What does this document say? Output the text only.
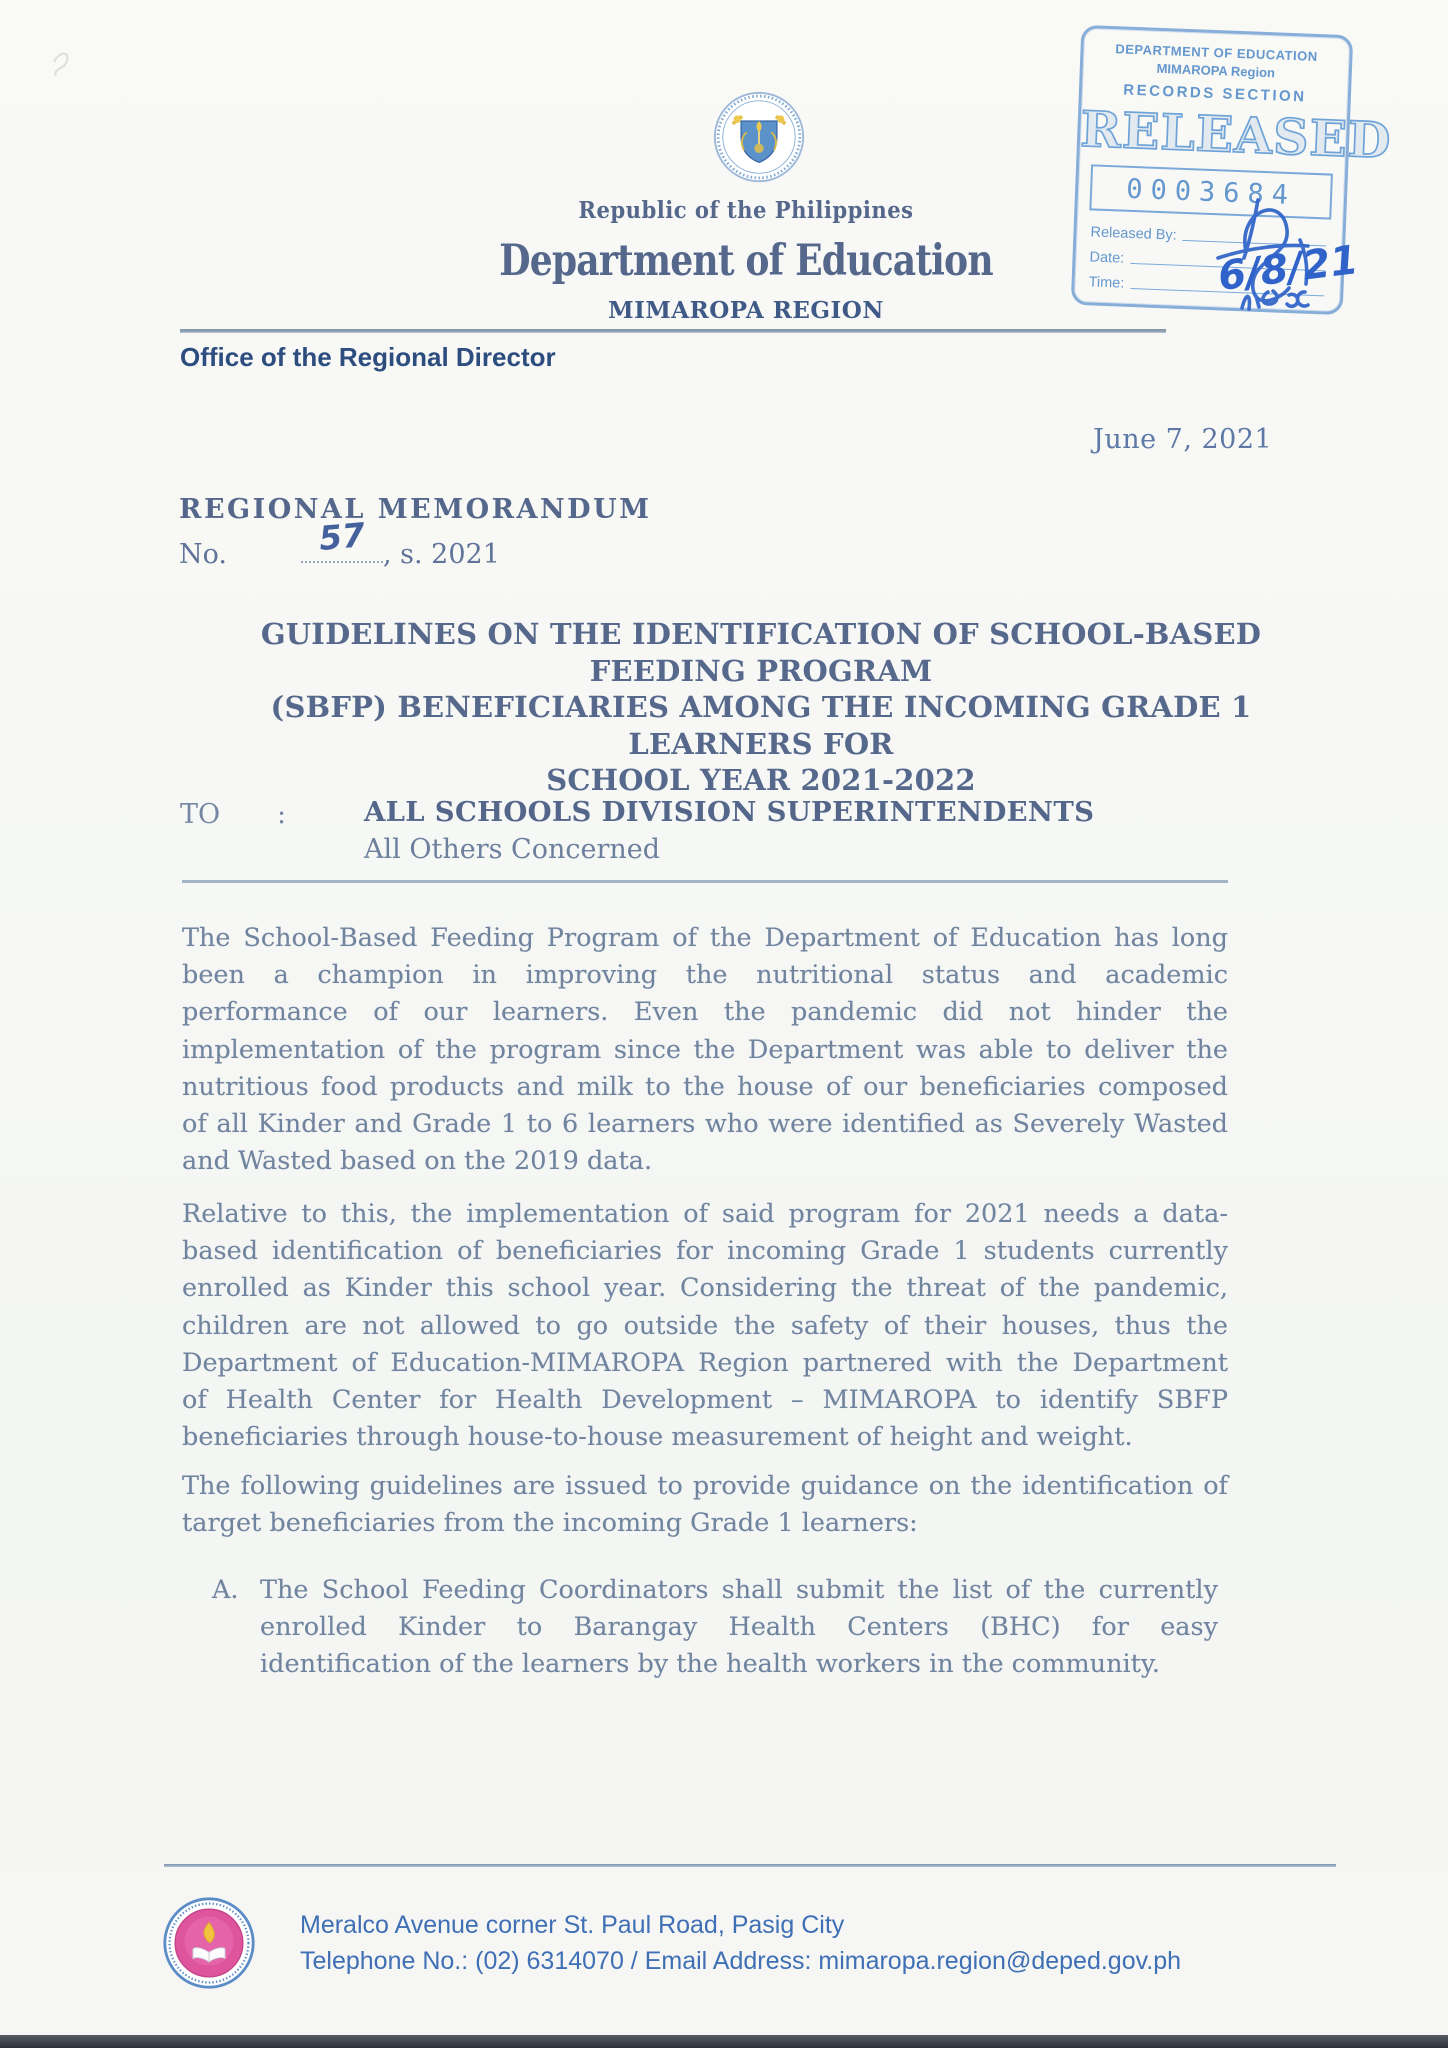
Republic of the Philippines
Department of Education
MIMAROPA REGION
Office of the Regional Director
DEPARTMENT OF EDUCATION
MIMAROPA Region
RECORDS SECTION
RELEASED
0003684
Released By:
Date:
Time: 6/8/21
June 7, 2021
REGIONAL MEMORANDUM
No.	57 , s. 2021
GUIDELINES ON THE IDENTIFICATION OF SCHOOL-BASED FEEDING PROGRAM
(SBFP) BENEFICIARIES AMONG THE INCOMING GRADE 1 LEARNERS FOR
SCHOOL YEAR 2021-2022
TO :	ALL SCHOOLS DIVISION SUPERINTENDENTS
All Others Concerned
The School-Based Feeding Program of the Department of Education has long
been a champion in improving the nutritional status and academic
performance of our learners. Even the pandemic did not hinder the
implementation of the program since the Department was able to deliver the
nutritious food products and milk to the house of our beneficiaries composed
of all Kinder and Grade 1 to 6 learners who were identified as Severely Wasted
and Wasted based on the 2019 data.
Relative to this, the implementation of said program for 2021 needs a data-
based identification of beneficiaries for incoming Grade 1 students currently
enrolled as Kinder this school year. Considering the threat of the pandemic,
children are not allowed to go outside the safety of their houses, thus the
Department of Education-MIMAROPA Region partnered with the Department
of Health Center for Health Development – MIMAROPA to identify SBFP
beneficiaries through house-to-house measurement of height and weight.
The following guidelines are issued to provide guidance on the identification of
target beneficiaries from the incoming Grade 1 learners:
A. The School Feeding Coordinators shall submit the list of the currently
enrolled Kinder to Barangay Health Centers (BHC) for easy
identification of the learners by the health workers in the community.
Meralco Avenue corner St. Paul Road, Pasig City
Telephone No.: (02) 6314070 / Email Address: mimaropa.region@deped.gov.ph
